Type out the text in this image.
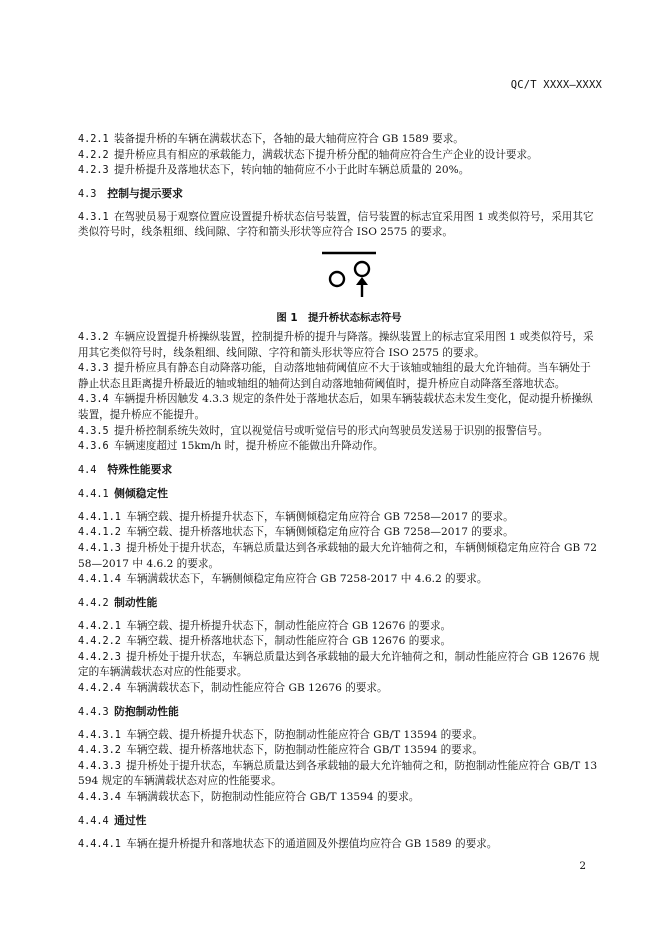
QC/T XXXX—XXXX
4.2.1  装备提升桥的车辆在满载状态下，各轴的最大轴荷应符合 GB 1589 要求。
4.2.2  提升桥应具有相应的承载能力，满载状态下提升桥分配的轴荷应符合生产企业的设计要求。
4.2.3  提升桥提升及落地状态下，转向轴的轴荷应不小于此时车辆总质量的 20%。
4.3  控制与提示要求
4.3.1  在驾驶员易于观察位置应设置提升桥状态信号装置，信号装置的标志宜采用图 1 或类似符号，采用其它类似符号时，线条粗细、线间隙、字符和箭头形状等应符合 ISO 2575 的要求。
图 1　提升桥状态标志符号
4.3.2  车辆应设置提升桥操纵装置，控制提升桥的提升与降落。操纵装置上的标志宜采用图 1 或类似符号，采用其它类似符号时，线条粗细、线间隙、字符和箭头形状等应符合 ISO 2575 的要求。
4.3.3  提升桥应具有静态自动降落功能，自动落地轴荷阈值应不大于该轴或轴组的最大允许轴荷。当车辆处于静止状态且距离提升桥最近的轴或轴组的轴荷达到自动落地轴荷阈值时，提升桥应自动降落至落地状态。
4.3.4  车辆提升桥因触发 4.3.3 规定的条件处于落地状态后，如果车辆装载状态未发生变化，促动提升桥操纵装置，提升桥应不能提升。
4.3.5  提升桥控制系统失效时，宜以视觉信号或听觉信号的形式向驾驶员发送易于识别的报警信号。
4.3.6  车辆速度超过 15km/h 时，提升桥应不能做出升降动作。
4.4  特殊性能要求
4.4.1  侧倾稳定性
4.4.1.1  车辆空载、提升桥提升状态下，车辆侧倾稳定角应符合 GB 7258—2017 的要求。
4.4.1.2  车辆空载、提升桥落地状态下，车辆侧倾稳定角应符合 GB 7258—2017 的要求。
4.4.1.3  提升桥处于提升状态，车辆总质量达到各承载轴的最大允许轴荷之和，车辆侧倾稳定角应符合 GB 7258—2017 中 4.6.2 的要求。
4.4.1.4  车辆满载状态下，车辆侧倾稳定角应符合 GB 7258-2017 中 4.6.2 的要求。
4.4.2  制动性能
4.4.2.1  车辆空载、提升桥提升状态下，制动性能应符合 GB 12676 的要求。
4.4.2.2  车辆空载、提升桥落地状态下，制动性能应符合 GB 12676 的要求。
4.4.2.3  提升桥处于提升状态，车辆总质量达到各承载轴的最大允许轴荷之和，制动性能应符合 GB 12676 规定的车辆满载状态对应的性能要求。
4.4.2.4  车辆满载状态下，制动性能应符合 GB 12676 的要求。
4.4.3  防抱制动性能
4.4.3.1  车辆空载、提升桥提升状态下，防抱制动性能应符合 GB/T 13594 的要求。
4.4.3.2  车辆空载、提升桥落地状态下，防抱制动性能应符合 GB/T 13594 的要求。
4.4.3.3  提升桥处于提升状态，车辆总质量达到各承载轴的最大允许轴荷之和，防抱制动性能应符合 GB/T 13594 规定的车辆满载状态对应的性能要求。
4.4.3.4  车辆满载状态下，防抱制动性能应符合 GB/T 13594 的要求。
4.4.4  通过性
4.4.4.1  车辆在提升桥提升和落地状态下的通道圆及外摆值均应符合 GB 1589 的要求。
2
